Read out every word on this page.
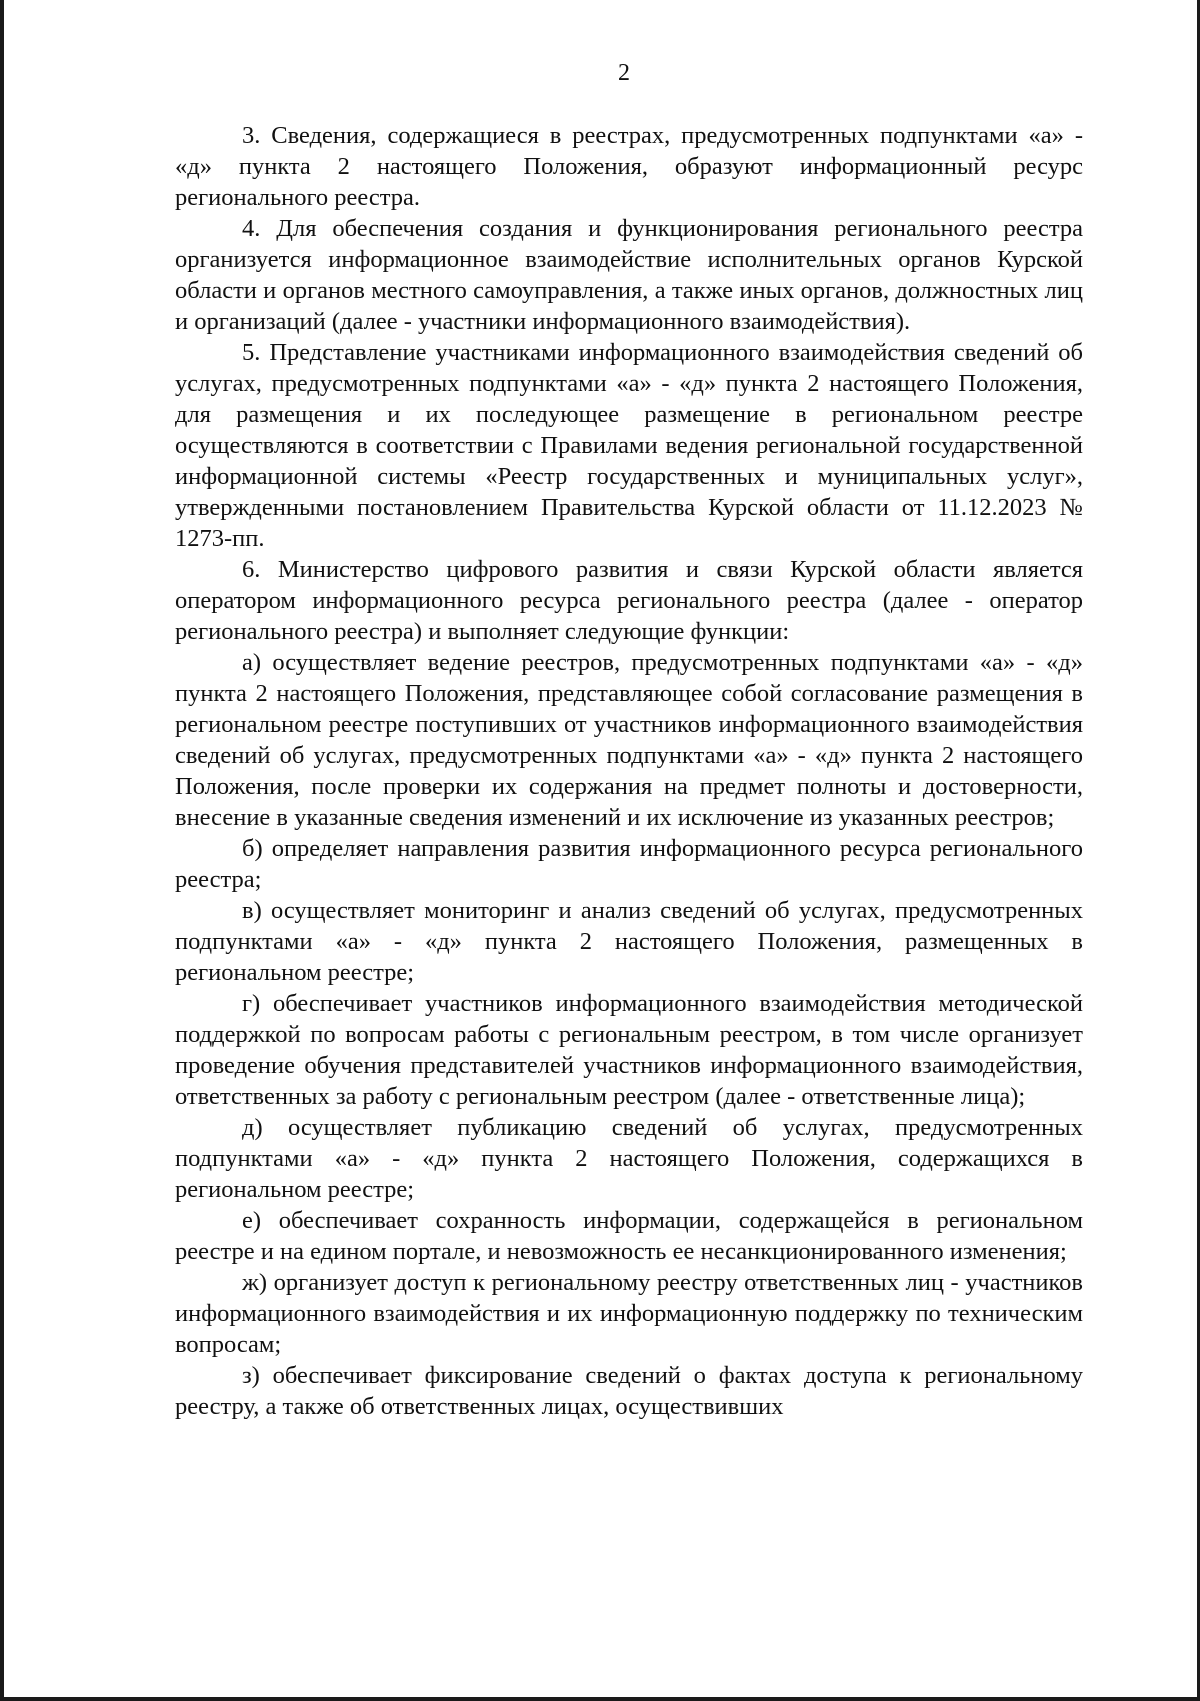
2

3. Сведения, содержащиеся в реестрах, предусмотренных подпунктами «а» - «д» пункта 2 настоящего Положения, образуют информационный ресурс регионального реестра.

4. Для обеспечения создания и функционирования регионального реестра организуется информационное взаимодействие исполнительных органов Курской области и органов местного самоуправления, а также иных органов, должностных лиц и организаций (далее - участники информационного взаимодействия).

5. Представление участниками информационного взаимодействия сведений об услугах, предусмотренных подпунктами «а» - «д» пункта 2 настоящего Положения, для размещения и их последующее размещение в региональном реестре осуществляются в соответствии с Правилами ведения региональной государственной информационной системы «Реестр государственных и муниципальных услуг», утвержденными постановлением Правительства Курской области от 11.12.2023 № 1273-пп.

6. Министерство цифрового развития и связи Курской области является оператором информационного ресурса регионального реестра (далее - оператор регионального реестра) и выполняет следующие функции:

а) осуществляет ведение реестров, предусмотренных подпунктами «а» - «д» пункта 2 настоящего Положения, представляющее собой согласование размещения в региональном реестре поступивших от участников информационного взаимодействия сведений об услугах, предусмотренных подпунктами «а» - «д» пункта 2 настоящего Положения, после проверки их содержания на предмет полноты и достоверности, внесение в указанные сведения изменений и их исключение из указанных реестров;

б) определяет направления развития информационного ресурса регионального реестра;

в) осуществляет мониторинг и анализ сведений об услугах, предусмотренных подпунктами «а» - «д» пункта 2 настоящего Положения, размещенных в региональном реестре;

г) обеспечивает участников информационного взаимодействия методической поддержкой по вопросам работы с региональным реестром, в том числе организует проведение обучения представителей участников информационного взаимодействия, ответственных за работу с региональным реестром (далее - ответственные лица);

д) осуществляет публикацию сведений об услугах, предусмотренных подпунктами «а» - «д» пункта 2 настоящего Положения, содержащихся в региональном реестре;

е) обеспечивает сохранность информации, содержащейся в региональном реестре и на едином портале, и невозможность ее несанкционированного изменения;

ж) организует доступ к региональному реестру ответственных лиц - участников информационного взаимодействия и их информационную поддержку по техническим вопросам;

з) обеспечивает фиксирование сведений о фактах доступа к региональному реестру, а также об ответственных лицах, осуществивших
